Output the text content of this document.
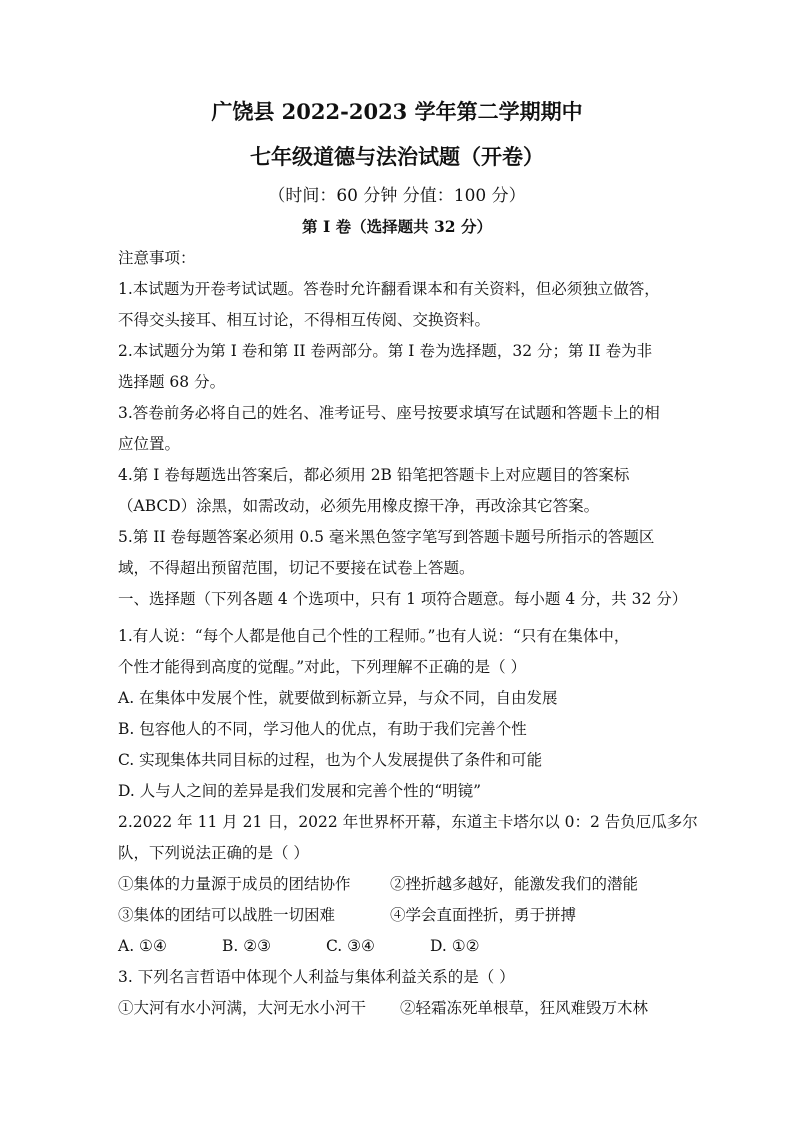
广饶县 2022-2023 学年第二学期期中
七年级道德与法治试题（开卷）
（时间：60 分钟 分值：100 分）
第 I 卷（选择题共 32 分）
注意事项：
1.本试题为开卷考试试题。答卷时允许翻看课本和有关资料，但必须独立做答，
不得交头接耳、相互讨论，不得相互传阅、交换资料。
2.本试题分为第 I 卷和第 II 卷两部分。第 I 卷为选择题，32 分；第 II 卷为非
选择题 68 分。
3.答卷前务必将自己的姓名、准考证号、座号按要求填写在试题和答题卡上的相
应位置。
4.第 I 卷每题选出答案后，都必须用 2B 铅笔把答题卡上对应题目的答案标
（ABCD）涂黑，如需改动，必须先用橡皮擦干净，再改涂其它答案。
5.第 II 卷每题答案必须用 0.5 毫米黑色签字笔写到答题卡题号所指示的答题区
域，不得超出预留范围，切记不要接在试卷上答题。
一、选择题（下列各题 4 个选项中，只有 1 项符合题意。每小题 4 分，共 32 分）
1.有人说：“每个人都是他自己个性的工程师。”也有人说：“只有在集体中，
个性才能得到高度的觉醒。”对此，下列理解不正确的是（ ）
A. 在集体中发展个性，就要做到标新立异，与众不同，自由发展
B. 包容他人的不同，学习他人的优点，有助于我们完善个性
C. 实现集体共同目标的过程，也为个人发展提供了条件和可能
D. 人与人之间的差异是我们发展和完善个性的“明镜”
2.2022 年 11 月 21 日，2022 年世界杯开幕，东道主卡塔尔以 0：2 告负厄瓜多尔
队，下列说法正确的是（ ）
①集体的力量源于成员的团结协作	②挫折越多越好，能激发我们的潜能
③集体的团结可以战胜一切困难	④学会直面挫折，勇于拼搏
A. ①④	B. ②③	C. ③④	D. ①②
3. 下列名言哲语中体现个人利益与集体利益关系的是（ ）
①大河有水小河满，大河无水小河干 ②轻霜冻死单根草，狂风难毁万木林
